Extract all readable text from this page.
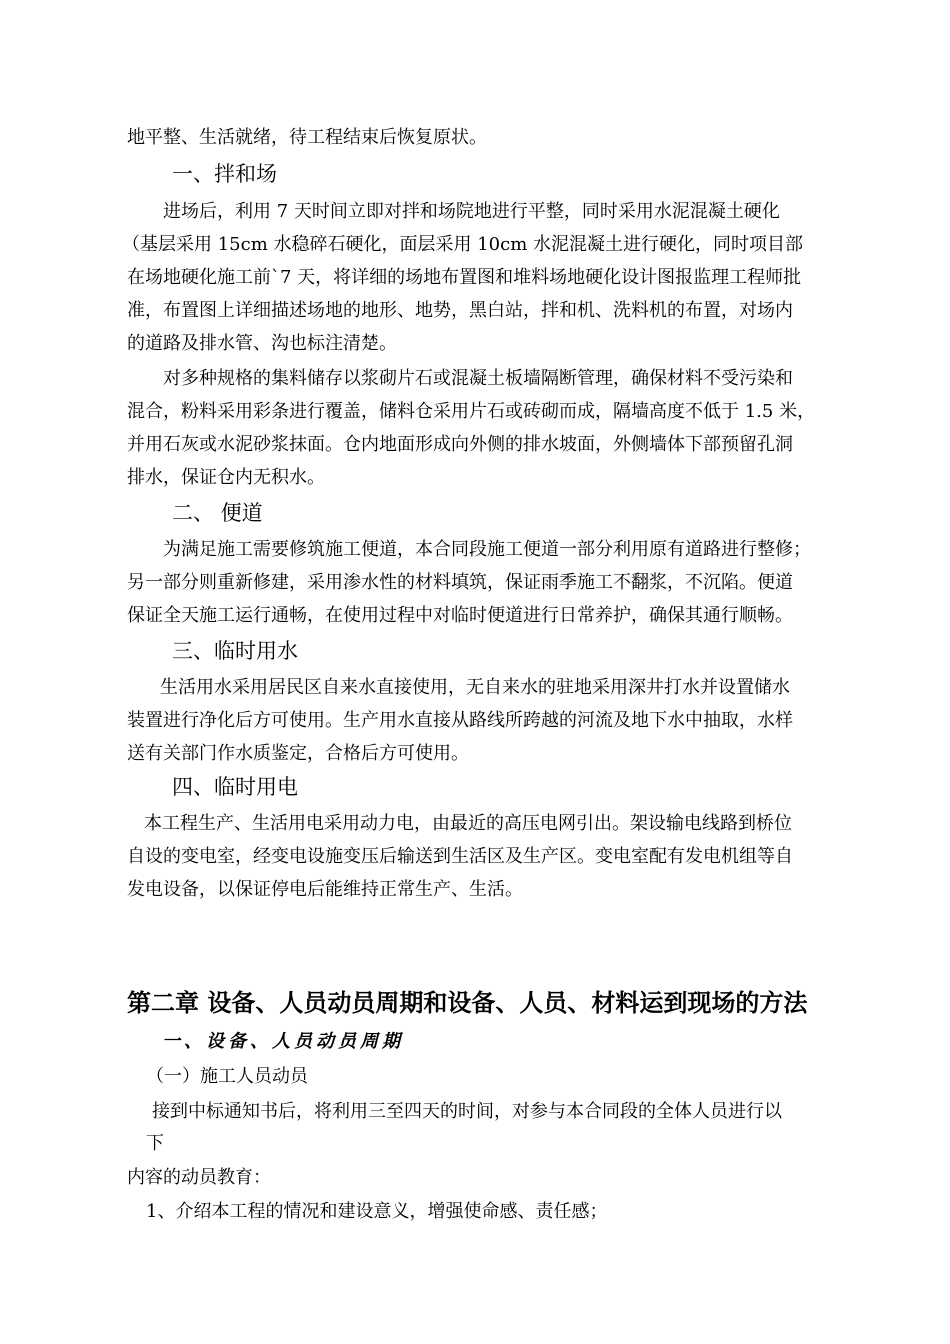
地平整、生活就绪，待工程结束后恢复原状。
一、拌和场
进场后，利用 7 天时间立即对拌和场院地进行平整，同时采用水泥混凝土硬化
（基层采用 15cm 水稳碎石硬化，面层采用 10cm 水泥混凝土进行硬化，同时项目部
在场地硬化施工前`7 天，将详细的场地布置图和堆料场地硬化设计图报监理工程师批
准，布置图上详细描述场地的地形、地势，黑白站，拌和机、洗料机的布置，对场内
的道路及排水管、沟也标注清楚。
对多种规格的集料储存以浆砌片石或混凝土板墙隔断管理，确保材料不受污染和
混合，粉料采用彩条进行覆盖，储料仓采用片石或砖砌而成，隔墙高度不低于 1.5 米，
并用石灰或水泥砂浆抹面。仓内地面形成向外侧的排水坡面，外侧墙体下部预留孔洞
排水，保证仓内无积水。
二、 便道
为满足施工需要修筑施工便道，本合同段施工便道一部分利用原有道路进行整修；
另一部分则重新修建，采用渗水性的材料填筑，保证雨季施工不翻浆，不沉陷。便道
保证全天施工运行通畅，在使用过程中对临时便道进行日常养护，确保其通行顺畅。
三、临时用水
生活用水采用居民区自来水直接使用，无自来水的驻地采用深井打水并设置储水
装置进行净化后方可使用。生产用水直接从路线所跨越的河流及地下水中抽取，水样
送有关部门作水质鉴定，合格后方可使用。
四、临时用电
本工程生产、生活用电采用动力电，由最近的高压电网引出。架设输电线路到桥位
自设的变电室，经变电设施变压后输送到生活区及生产区。变电室配有发电机组等自
发电设备，以保证停电后能维持正常生产、生活。
第二章 设备、人员动员周期和设备、人员、材料运到现场的方法
一、设备、人员动员周期
（一）施工人员动员
接到中标通知书后，将利用三至四天的时间，对参与本合同段的全体人员进行以
下
内容的动员教育：
1、介绍本工程的情况和建设意义，增强使命感、责任感；
